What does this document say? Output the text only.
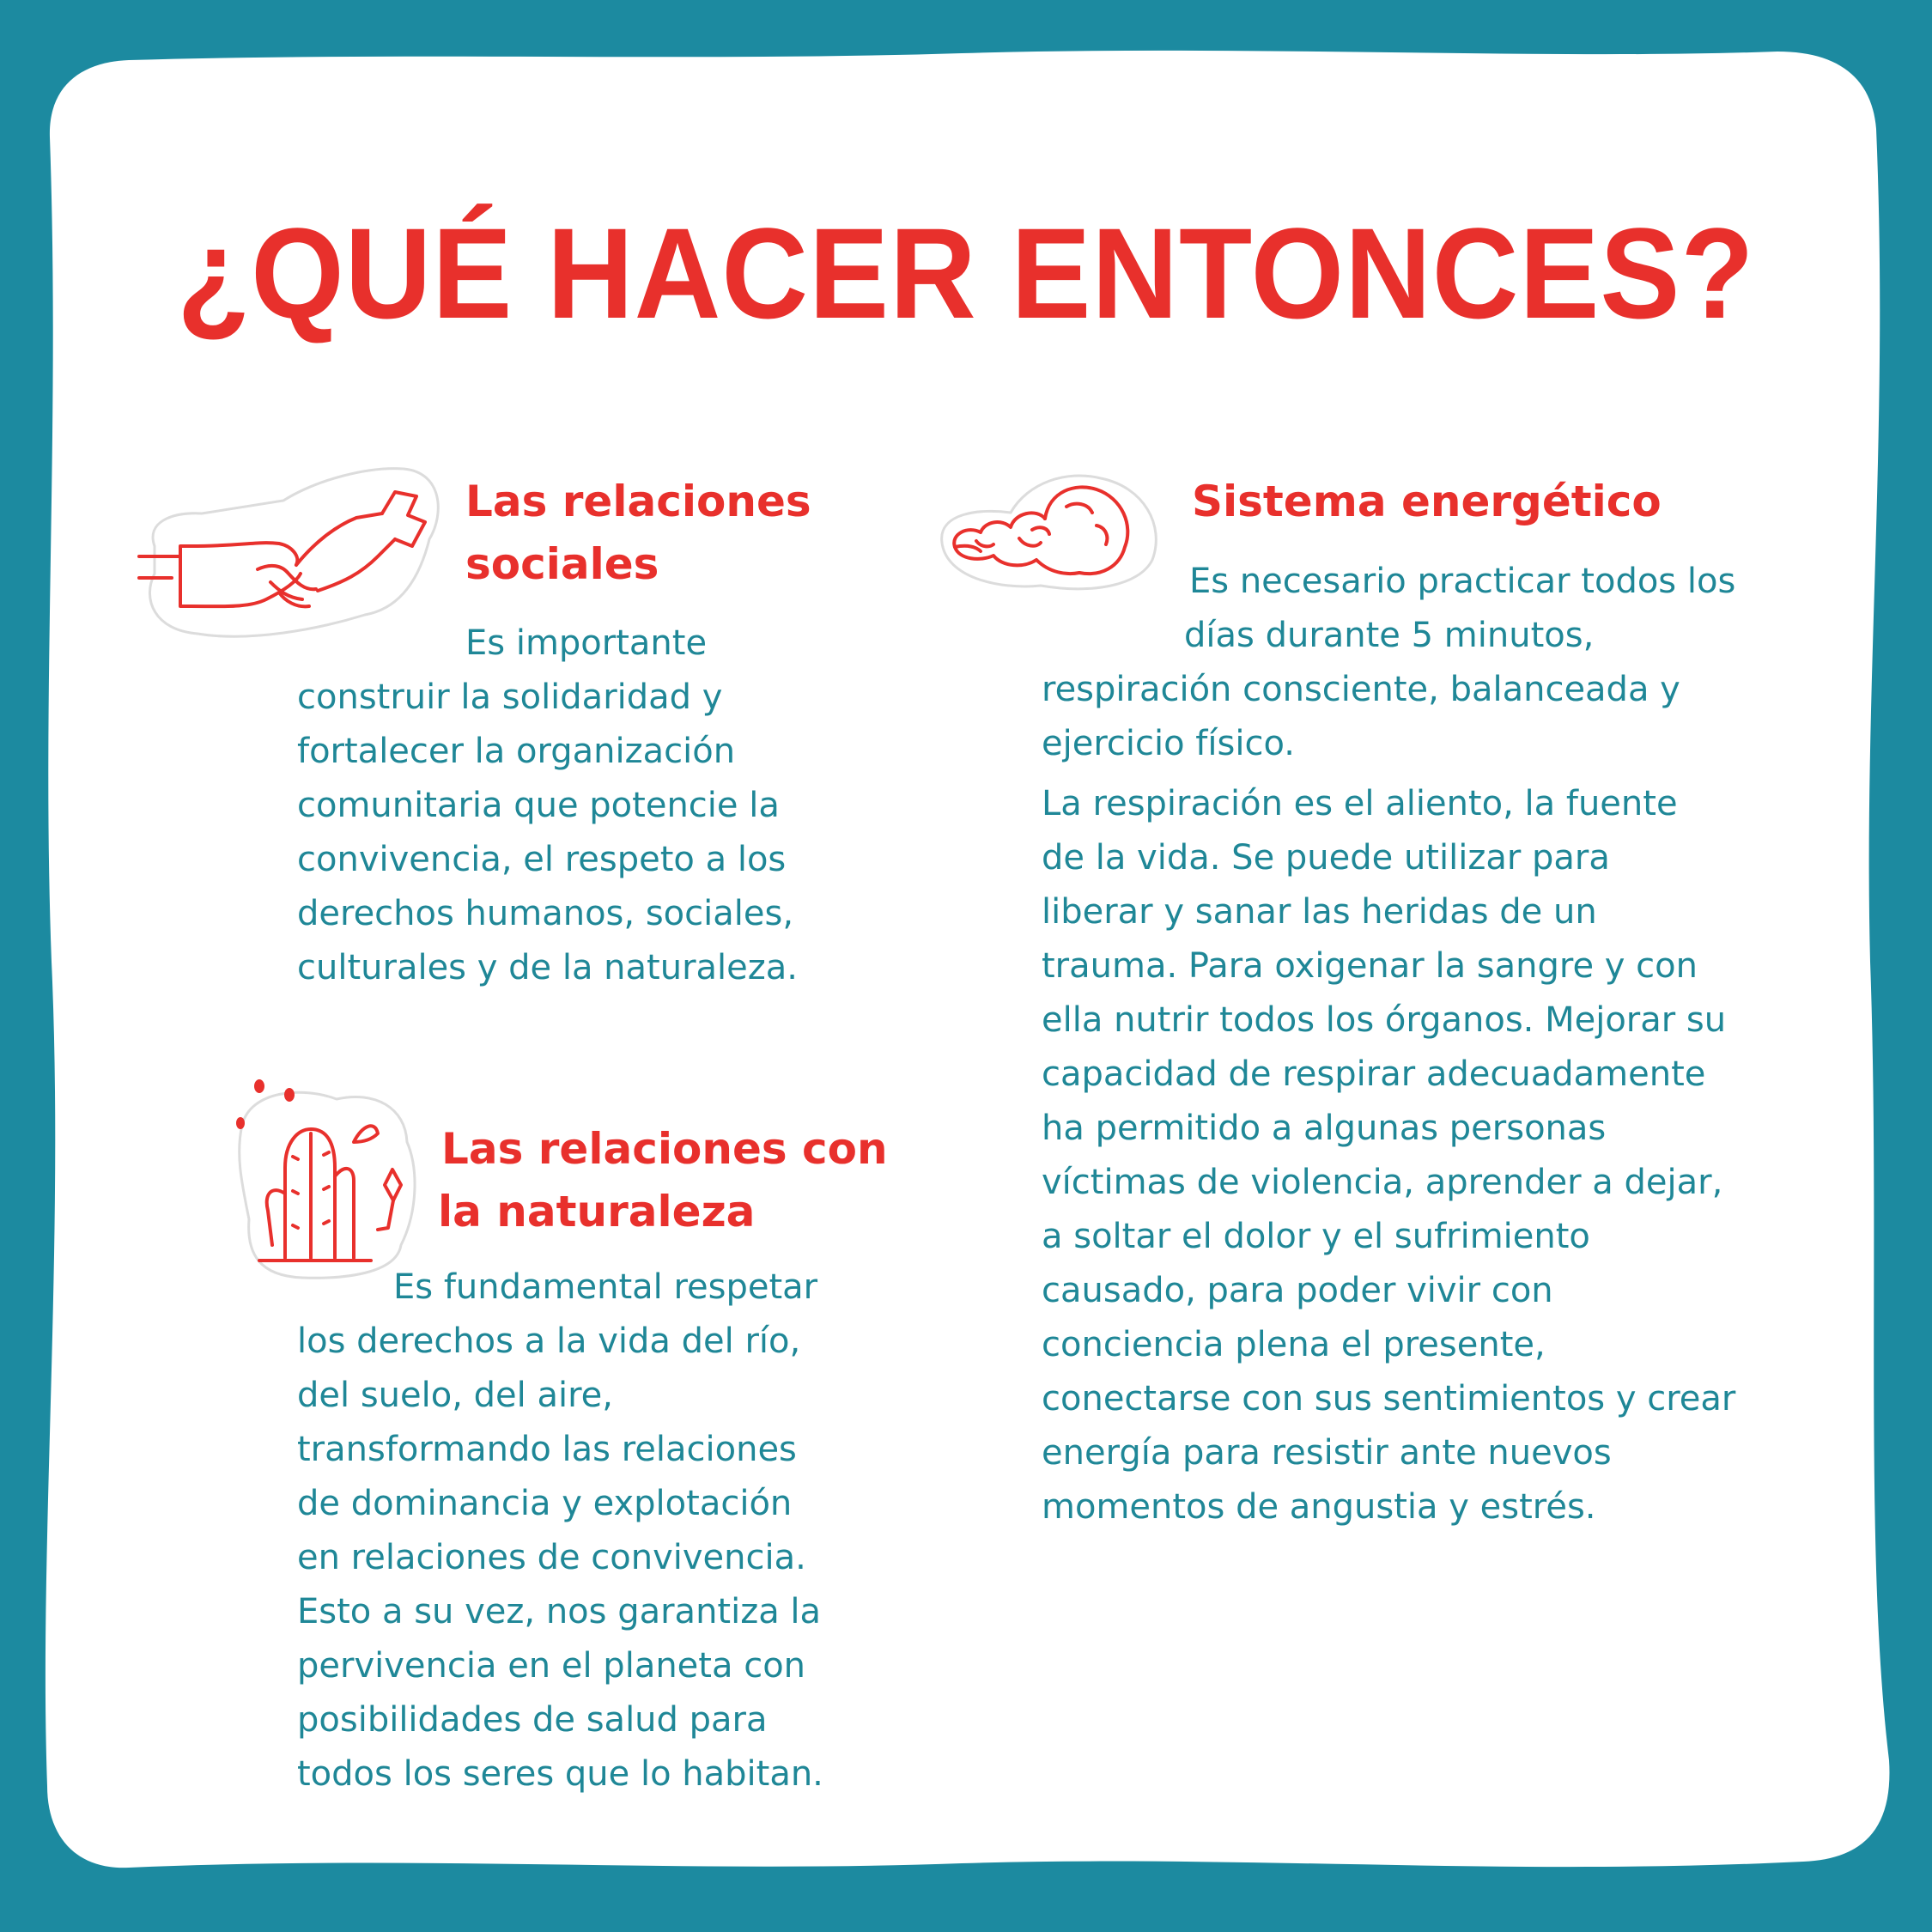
¿QUÉ HACER ENTONCES?
Las relaciones
sociales
Es importante
construir la solidaridad y
fortalecer la organización
comunitaria que potencie la
convivencia, el respeto a los
derechos humanos, sociales,
culturales y de la naturaleza.
Las relaciones con
la naturaleza
Es fundamental respetar
los derechos a la vida del río,
del suelo, del aire,
transformando las relaciones
de dominancia y explotación
en relaciones de convivencia.
Esto a su vez, nos garantiza la
pervivencia en el planeta con
posibilidades de salud para
todos los seres que lo habitan.
Sistema energético
Es necesario practicar todos los
días durante 5 minutos,
respiración consciente, balanceada y
ejercicio físico.
La respiración es el aliento, la fuente
de la vida. Se puede utilizar para
liberar y sanar las heridas de un
trauma. Para oxigenar la sangre y con
ella nutrir todos los órganos. Mejorar su
capacidad de respirar adecuadamente
ha permitido a algunas personas
víctimas de violencia, aprender a dejar,
a soltar el dolor y el sufrimiento
causado, para poder vivir con
conciencia plena el presente,
conectarse con sus sentimientos y crear
energía para resistir ante nuevos
momentos de angustia y estrés.
